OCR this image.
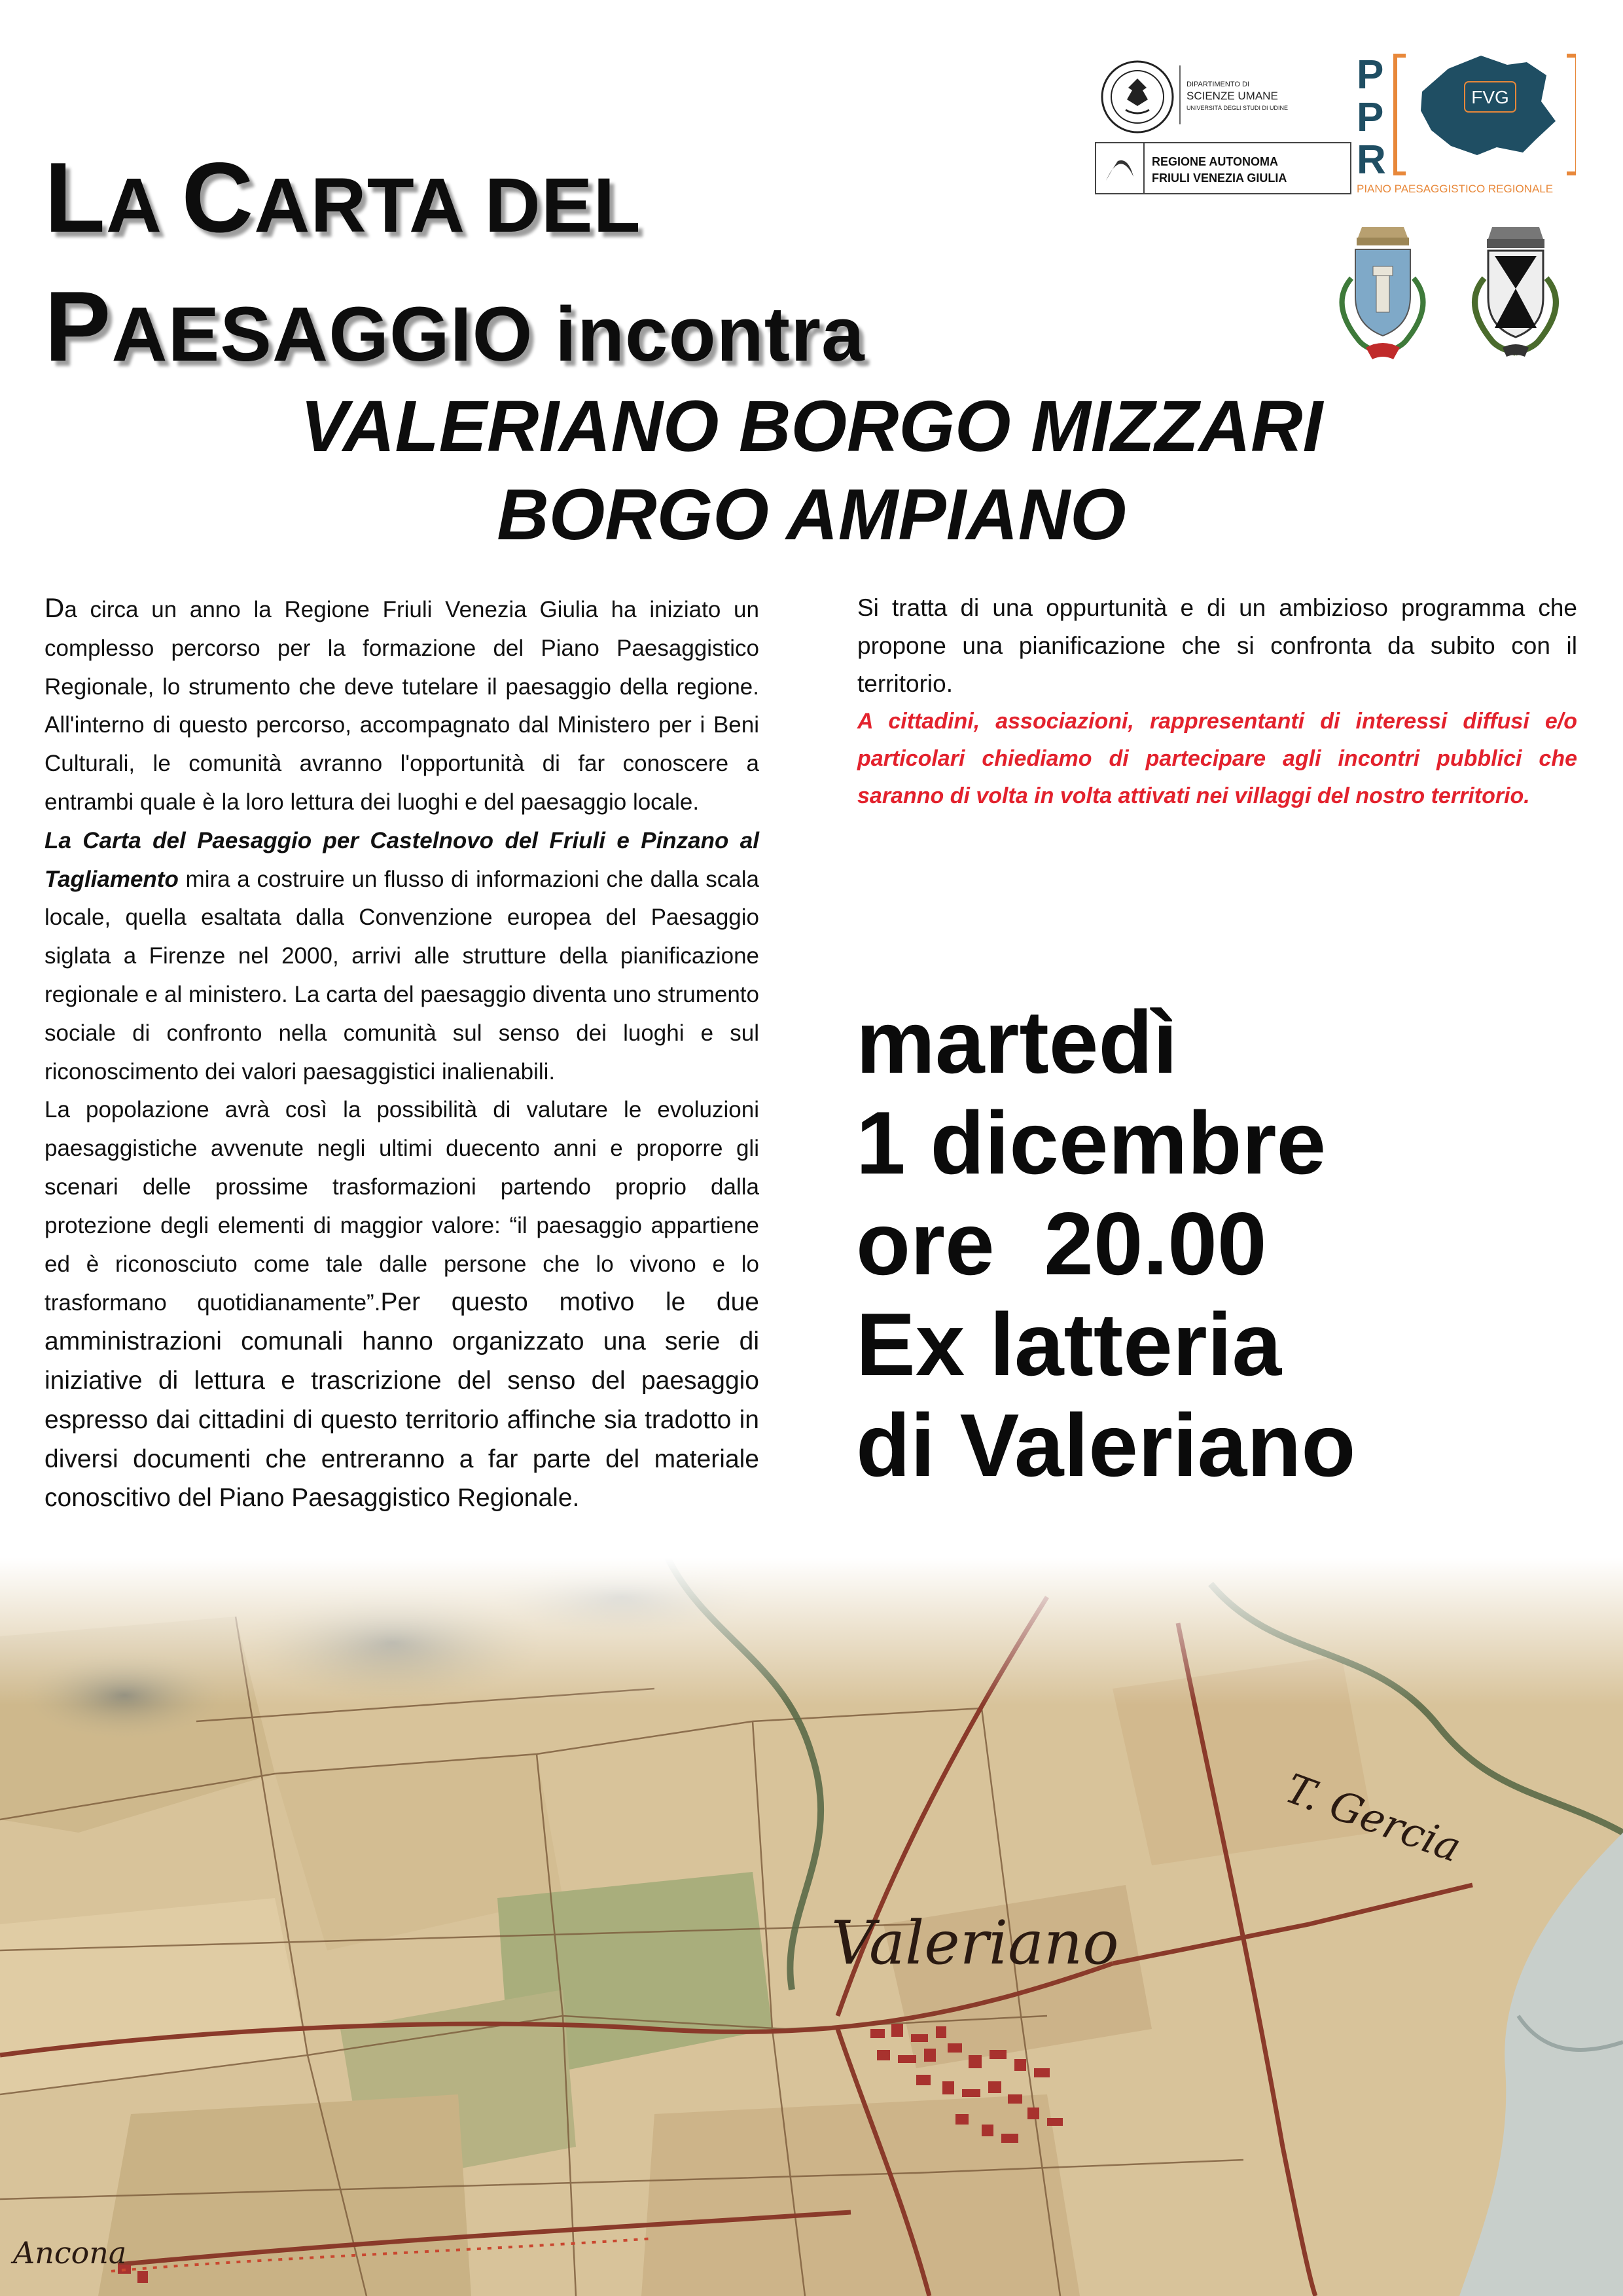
LA CARTA DEL
PAESAGGIO incontra
VALERIANO BORGO MIZZARI
BORGO AMPIANO
DIPARTIMENTO DI
SCIENZE UMANE
UNIVERSITÀ DEGLI STUDI DI UDINE
REGIONE AUTONOMA
FRIULI VENEZIA GIULIA
P
P
R
FVG
PIANO PAESAGGISTICO REGIONALE

Da circa un anno la Regione Friuli Venezia Giulia ha iniziato un complesso percorso per la formazione del Piano Paesaggistico Regionale, lo strumento che deve tutelare il paesaggio della regione. All'interno di questo percorso, accompagnato dal Ministero per i Beni Culturali, le comunità avranno l'opportunità di far conoscere a entrambi quale è la loro lettura dei luoghi e del paesaggio locale.

La Carta del Paesaggio per Castelnovo del Friuli e Pinzano al Tagliamento mira a costruire un flusso di informazioni che dalla scala locale, quella esaltata dalla Convenzione europea del Paesaggio siglata a Firenze nel 2000, arrivi alle strutture della pianificazione regionale e al ministero. La carta del paesaggio diventa uno strumento sociale di confronto nella comunità sul senso dei luoghi e sul riconoscimento dei valori paesaggistici inalienabili.

La popolazione avrà così la possibilità di valutare le evoluzioni paesaggistiche avvenute negli ultimi duecento anni e proporre gli scenari delle prossime trasformazioni partendo proprio dalla protezione degli elementi di maggior valore: “il paesaggio appartiene ed è riconosciuto come tale dalle persone che lo vivono e lo trasformano quotidianamente”.Per questo motivo le due amministrazioni comunali hanno organizzato una serie di iniziative di lettura e trascrizione del senso del paesaggio espresso dai cittadini di questo territorio affinche sia tradotto in diversi documenti che entreranno a far parte del materiale conoscitivo del Piano Paesaggistico Regionale.

Si tratta di una oppurtunità e di un ambizioso programma che propone una pianificazione che si confronta da subito con il territorio.

A cittadini, associazioni, rappresentanti di interessi diffusi e/o particolari chiediamo di partecipare agli incontri pubblici che saranno di volta in volta attivati nei villaggi del nostro territorio.

martedì
1 dicembre
ore  20.00
Ex latteria
di Valeriano
